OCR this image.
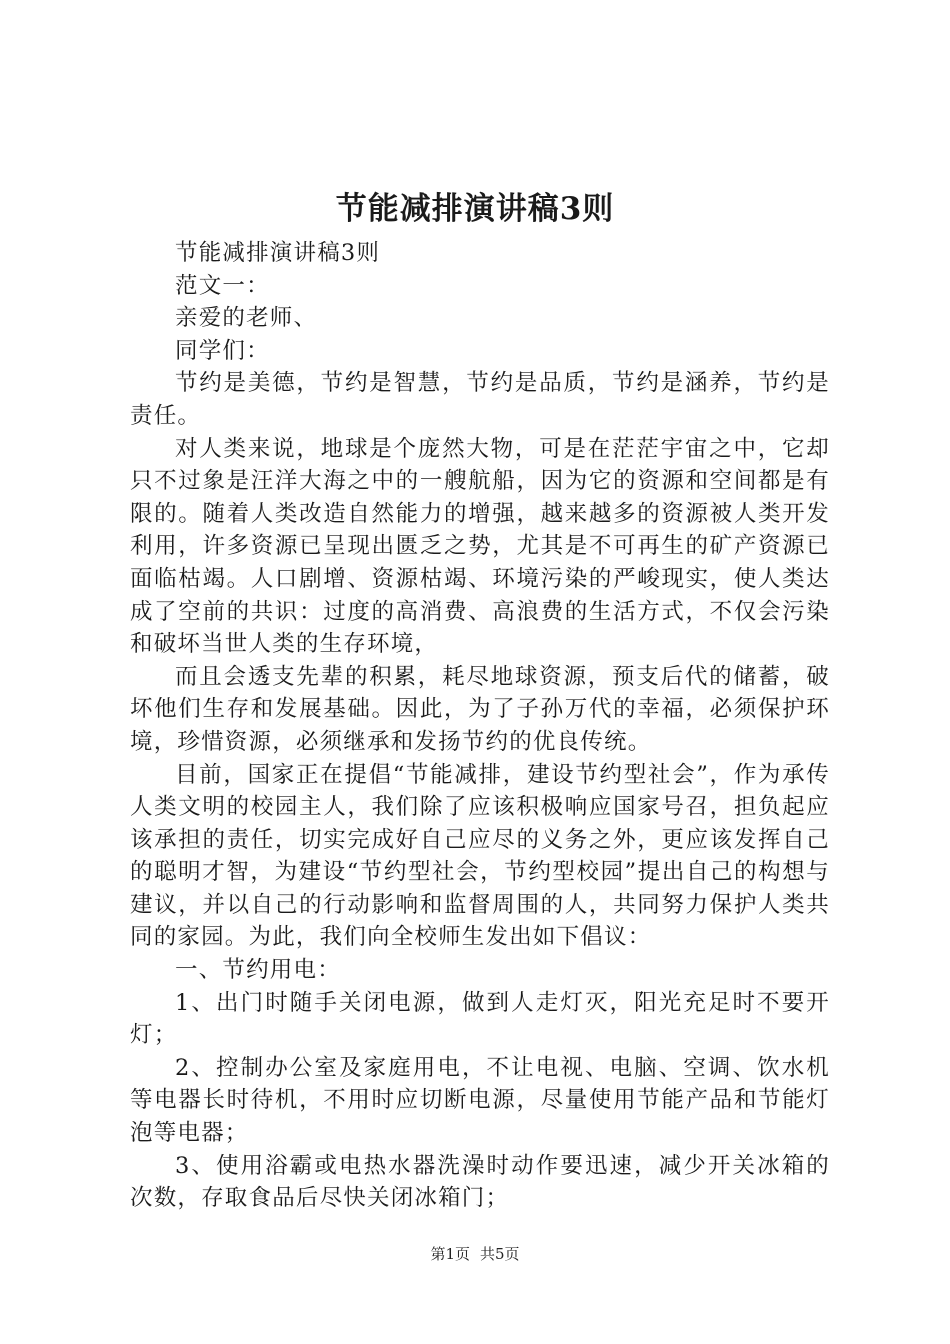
节能减排演讲稿3则

节能减排演讲稿3则

范文一：

亲爱的老师、

同学们：

节约是美德，节约是智慧，节约是品质，节约是涵养，节约是责任。

对人类来说，地球是个庞然大物，可是在茫茫宇宙之中，它却只不过象是汪洋大海之中的一艘航船，因为它的资源和空间都是有限的。随着人类改造自然能力的增强，越来越多的资源被人类开发利用，许多资源已呈现出匮乏之势，尤其是不可再生的矿产资源已面临枯竭。人口剧增、资源枯竭、环境污染的严峻现实，使人类达成了空前的共识：过度的高消费、高浪费的生活方式，不仅会污染和破坏当世人类的生存环境，

而且会透支先辈的积累，耗尽地球资源，预支后代的储蓄，破坏他们生存和发展基础。因此，为了子孙万代的幸福，必须保护环境，珍惜资源，必须继承和发扬节约的优良传统。

目前，国家正在提倡“节能减排，建设节约型社会”，作为承传人类文明的校园主人，我们除了应该积极响应国家号召，担负起应该承担的责任，切实完成好自己应尽的义务之外，更应该发挥自己的聪明才智，为建设“节约型社会，节约型校园”提出自己的构想与建议，并以自己的行动影响和监督周围的人，共同努力保护人类共同的家园。为此，我们向全校师生发出如下倡议：

一、节约用电：

1、出门时随手关闭电源，做到人走灯灭，阳光充足时不要开灯；

2、控制办公室及家庭用电，不让电视、电脑、空调、饮水机等电器长时待机，不用时应切断电源，尽量使用节能产品和节能灯泡等电器；

3、使用浴霸或电热水器洗澡时动作要迅速，减少开关冰箱的次数，存取食品后尽快关闭冰箱门；

第1页 共5页
